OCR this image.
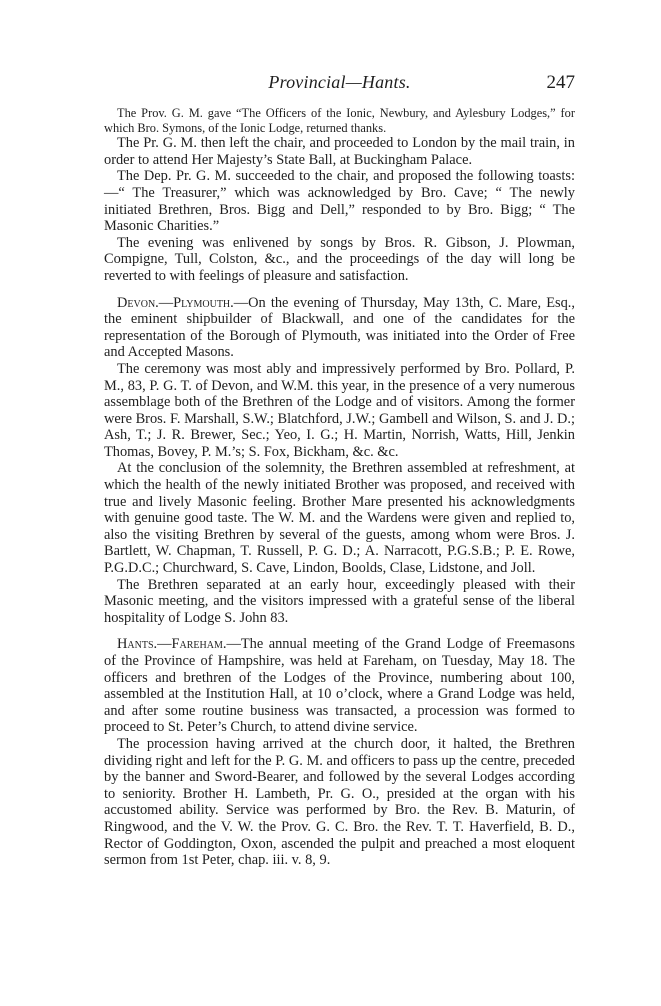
Provincial—Hants.	247

The Prov. G. M. gave “The Officers of the Ionic, Newbury, and Aylesbury Lodges,” for which Bro. Symons, of the Ionic Lodge, returned thanks.

The Pr. G. M. then left the chair, and proceeded to London by the mail train, in order to attend Her Majesty’s State Ball, at Buckingham Palace.

The Dep. Pr. G. M. succeeded to the chair, and proposed the following toasts:—“ The Treasurer,” which was acknowledged by Bro. Cave; “ The newly initiated Brethren, Bros. Bigg and Dell,” responded to by Bro. Bigg; “ The Masonic Charities.”

The evening was enlivened by songs by Bros. R. Gibson, J. Plowman, Compigne, Tull, Colston, &c., and the proceedings of the day will long be reverted to with feelings of pleasure and satisfaction.

Devon.—Plymouth.—On the evening of Thursday, May 13th, C. Mare, Esq., the eminent shipbuilder of Blackwall, and one of the candidates for the representation of the Borough of Plymouth, was initiated into the Order of Free and Accepted Masons.

The ceremony was most ably and impressively performed by Bro. Pollard, P. M., 83, P. G. T. of Devon, and W.M. this year, in the presence of a very numerous assemblage both of the Brethren of the Lodge and of visitors. Among the former were Bros. F. Marshall, S.W.; Blatchford, J.W.; Gambell and Wilson, S. and J. D.; Ash, T.; J. R. Brewer, Sec.; Yeo, I. G.; H. Martin, Norrish, Watts, Hill, Jenkin Thomas, Bovey, P. M.’s; S. Fox, Bickham, &c. &c.

At the conclusion of the solemnity, the Brethren assembled at refreshment, at which the health of the newly initiated Brother was proposed, and received with true and lively Masonic feeling. Brother Mare presented his acknowledgments with genuine good taste. The W. M. and the Wardens were given and replied to, also the visiting Brethren by several of the guests, among whom were Bros. J. Bartlett, W. Chapman, T. Russell, P. G. D.; A. Narracott, P.G.S.B.; P. E. Rowe, P.G.D.C.; Churchward, S. Cave, Lindon, Boolds, Clase, Lidstone, and Joll.

The Brethren separated at an early hour, exceedingly pleased with their Masonic meeting, and the visitors impressed with a grateful sense of the liberal hospitality of Lodge S. John 83.

Hants.—Fareham.—The annual meeting of the Grand Lodge of Freemasons of the Province of Hampshire, was held at Fareham, on Tuesday, May 18. The officers and brethren of the Lodges of the Province, numbering about 100, assembled at the Institution Hall, at 10 o’clock, where a Grand Lodge was held, and after some routine business was transacted, a procession was formed to proceed to St. Peter’s Church, to attend divine service.

The procession having arrived at the church door, it halted, the Brethren dividing right and left for the P. G. M. and officers to pass up the centre, preceded by the banner and Sword-Bearer, and followed by the several Lodges according to seniority. Brother H. Lambeth, Pr. G. O., presided at the organ with his accustomed ability. Service was performed by Bro. the Rev. B. Maturin, of Ringwood, and the V. W. the Prov. G. C. Bro. the Rev. T. T. Haverfield, B. D., Rector of Goddington, Oxon, ascended the pulpit and preached a most eloquent sermon from 1st Peter, chap. iii. v. 8, 9.
